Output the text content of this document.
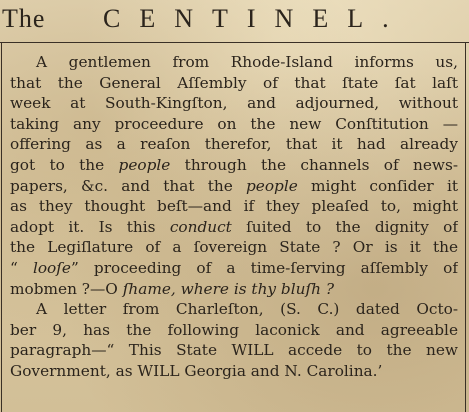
The CENTINEL.
A gentlemen from Rhode-Island informs us,
that the General Aſſembly of that ſtate ſat laſt
week at South-Kingſton, and adjourned, without
taking any proceedure on the new Conſtitution —
offering as a reaſon therefor, that it had already
got to the people through the channels of news-
papers, &c. and that the people might conſider it
as they thought beſt—and if they pleaſed to, might
adopt it. Is this conduct ſuited to the dignity of
the Legiſlature of a ſovereign State ? Or is it the
“ looſe” proceeding of a time-ſerving aſſembly of
mobmen ?—O ſhame, where is thy bluſh ?
A letter from Charleſton, (S. C.) dated Octo-
ber 9, has the following laconick and agreeable
paragraph—“ This State WILL accede to the new
Government, as WILL Georgia and N. Carolina.’
